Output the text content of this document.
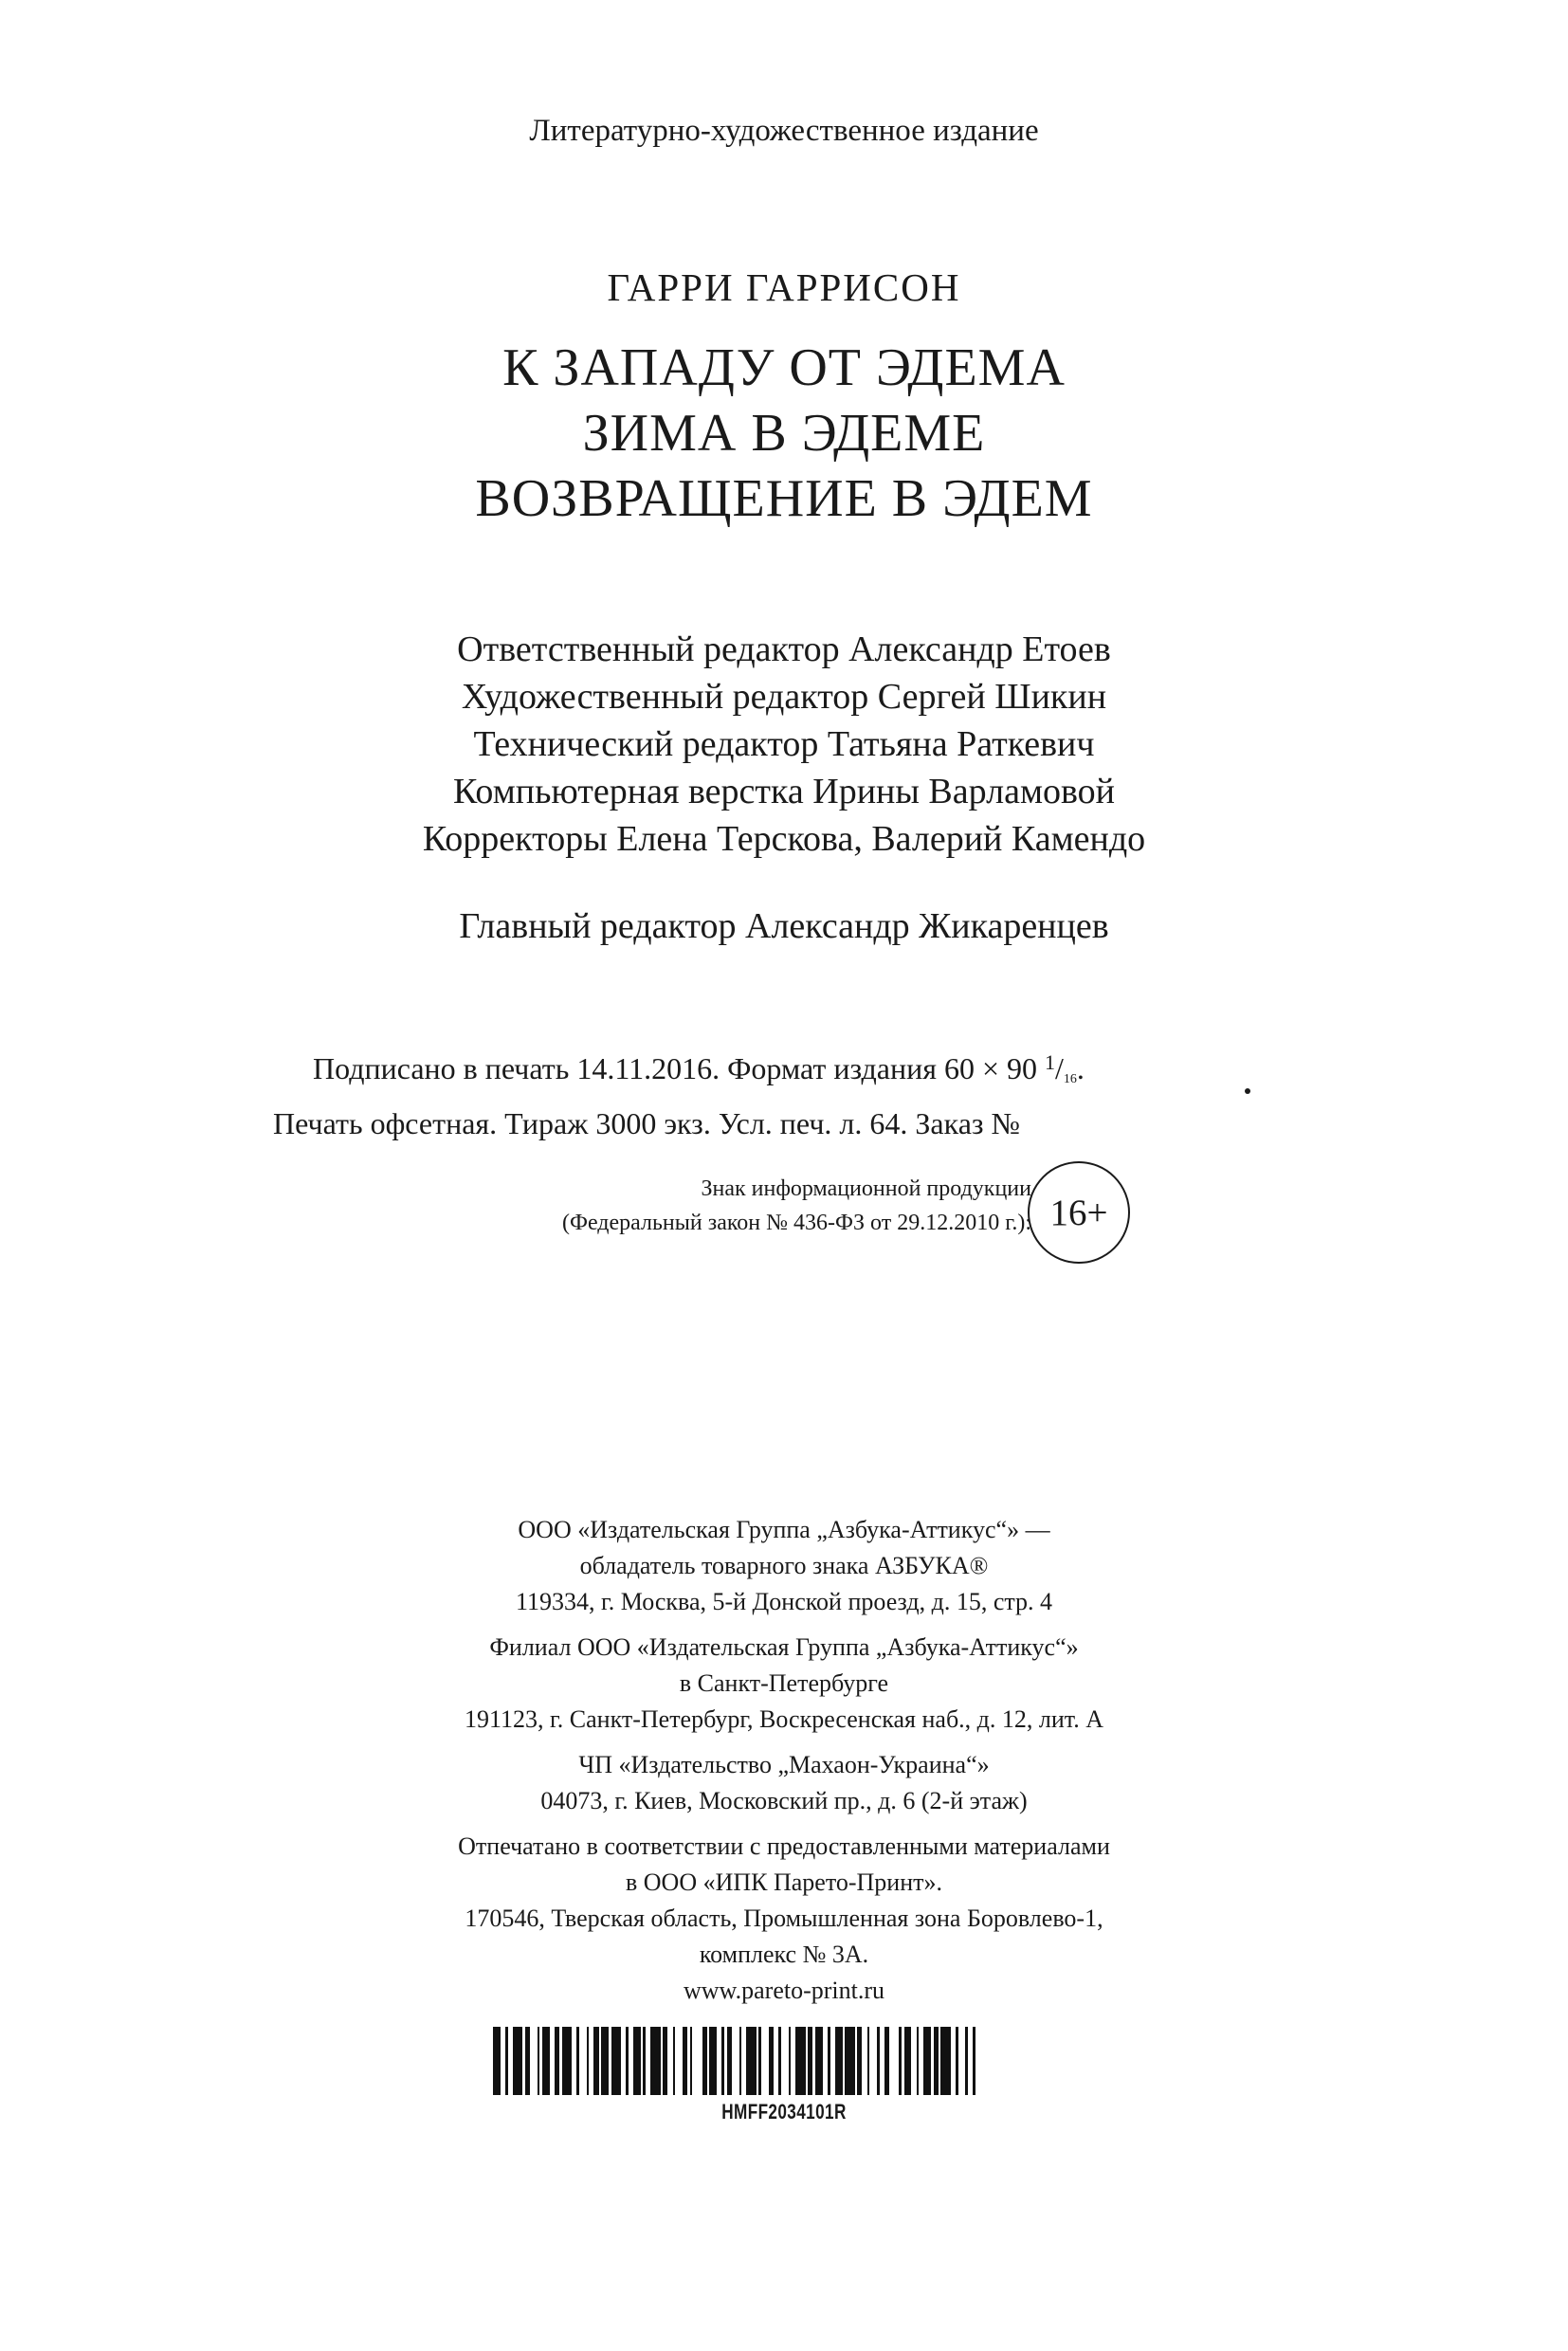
Литературно-художественное издание
ГАРРИ ГАРРИСОН
К ЗАПАДУ ОТ ЭДЕМА
ЗИМА В ЭДЕМЕ
ВОЗВРАЩЕНИЕ В ЭДЕМ
Ответственный редактор Александр Етоев
Художественный редактор Сергей Шикин
Технический редактор Татьяна Раткевич
Компьютерная верстка Ирины Варламовой
Корректоры Елена Терскова, Валерий Камендо
Главный редактор Александр Жикаренцев
Подписано в печать 14.11.2016. Формат издания 60 × 90 $^1$/16.
Печать офсетная. Тираж 3000 экз. Усл. печ. л. 64. Заказ №
Знак информационной продукции
(Федеральный закон № 436-ФЗ от 29.12.2010 г.): 16+
ООО «Издательская Группа „Азбука-Аттикус“» —
обладатель товарного знака АЗБУКА®
119334, г. Москва, 5-й Донской проезд, д. 15, стр. 4
Филиал ООО «Издательская Группа „Азбука-Аттикус“»
в Санкт-Петербурге
191123, г. Санкт-Петербург, Воскресенская наб., д. 12, лит. А
ЧП «Издательство „Махаон-Украина“»
04073, г. Киев, Московский пр., д. 6 (2-й этаж)
Отпечатано в соответствии с предоставленными материалами
в ООО «ИПК Парето-Принт».
170546, Тверская область, Промышленная зона Боровлево-1,
комплекс № 3А.
www.pareto-print.ru
HMFF2034101R
